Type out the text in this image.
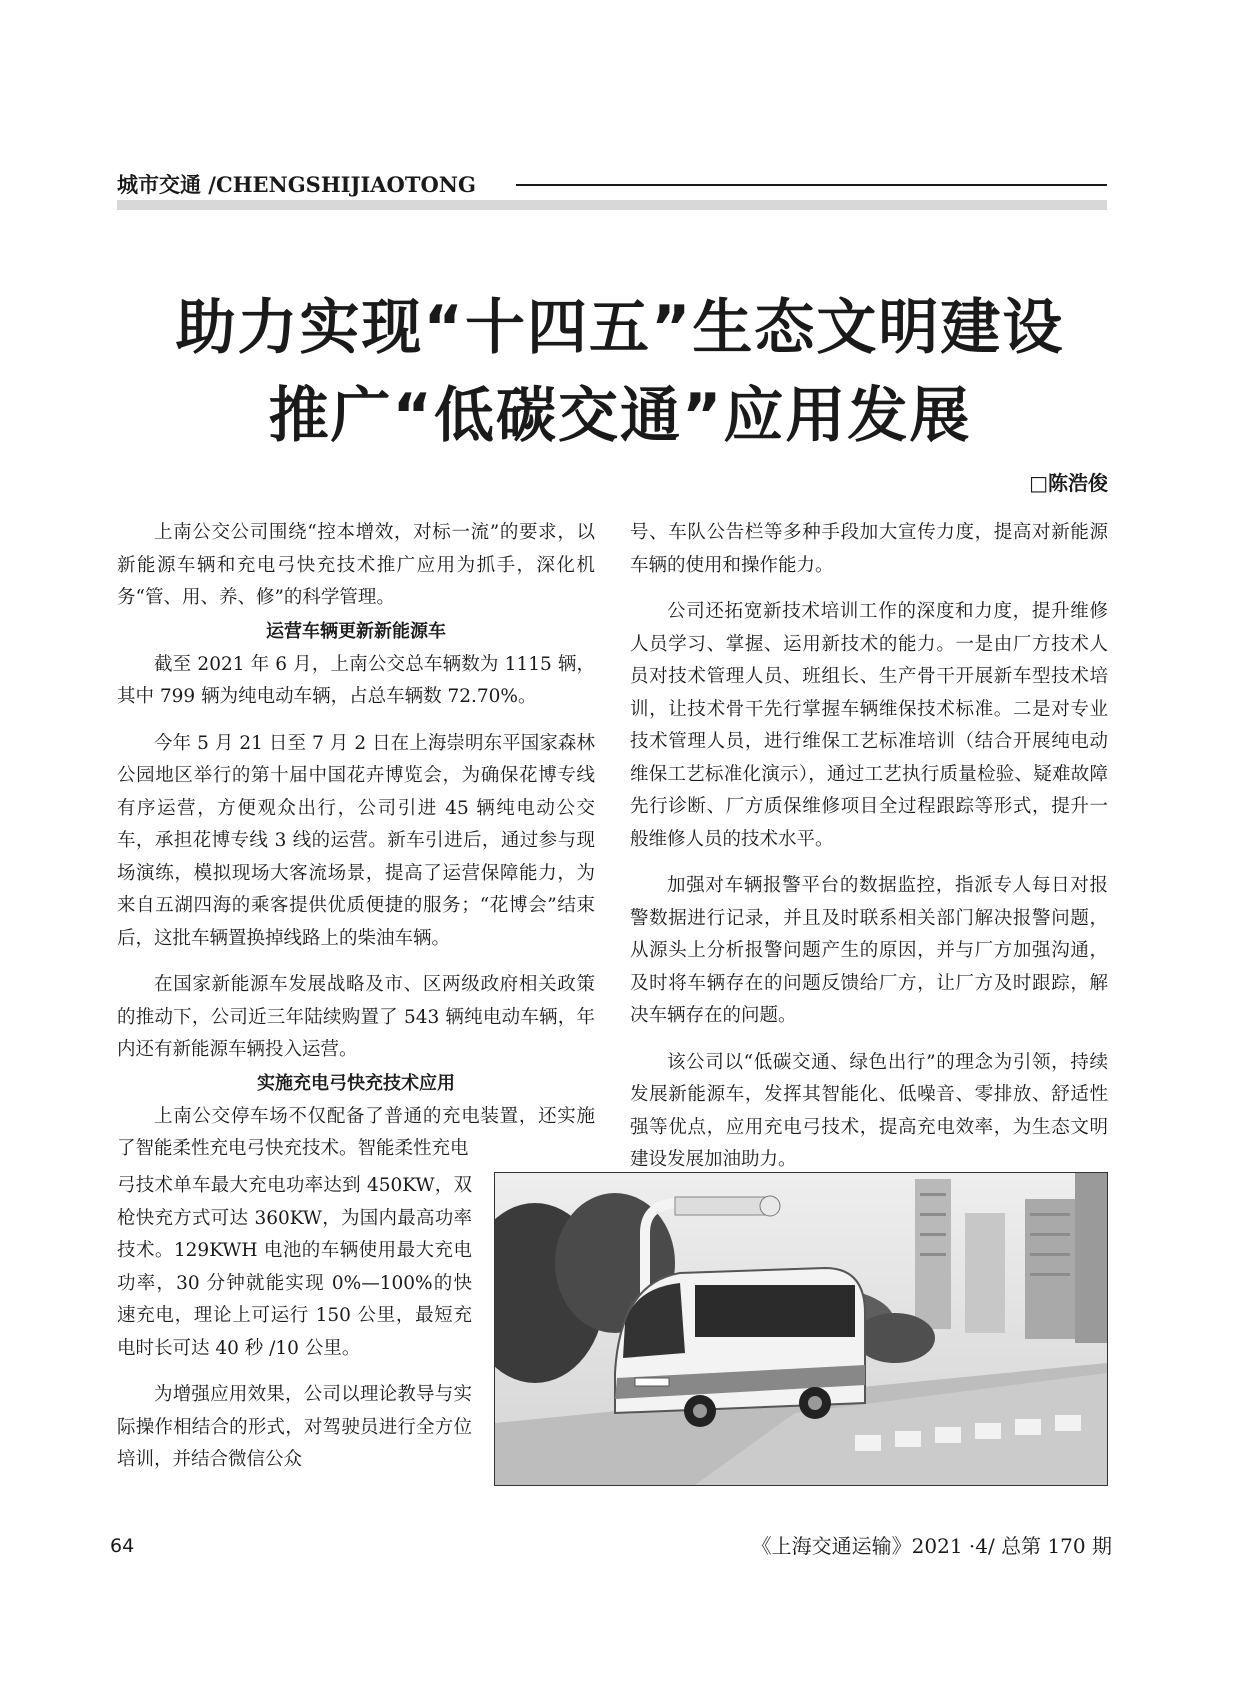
城市交通 /CHENGSHIJIAOTONG
助力实现“十四五”生态文明建设
推广“低碳交通”应用发展
□陈浩俊

上南公交公司围绕“控本增效，对标一流”的要求，以新能源车辆和充电弓快充技术推广应用为抓手，深化机务“管、用、养、修”的科学管理。

运营车辆更新新能源车

截至 2021 年 6 月，上南公交总车辆数为 1115 辆，其中 799 辆为纯电动车辆，占总车辆数 72.70%。

今年 5 月 21 日至 7 月 2 日在上海崇明东平国家森林公园地区举行的第十届中国花卉博览会，为确保花博专线有序运营，方便观众出行，公司引进 45 辆纯电动公交车，承担花博专线 3 线的运营。新车引进后，通过参与现场演练，模拟现场大客流场景，提高了运营保障能力，为来自五湖四海的乘客提供优质便捷的服务；“花博会”结束后，这批车辆置换掉线路上的柴油车辆。

在国家新能源车发展战略及市、区两级政府相关政策的推动下，公司近三年陆续购置了 543 辆纯电动车辆，年内还有新能源车辆投入运营。

实施充电弓快充技术应用

上南公交停车场不仅配备了普通的充电装置，还实施了智能柔性充电弓快充技术。智能柔性充电

弓技术单车最大充电功率达到 450KW，双枪快充方式可达 360KW，为国内最高功率技术。129KWH 电池的车辆使用最大充电功率，30 分钟就能实现 0%—100%的快速充电，理论上可运行 150 公里，最短充电时长可达 40 秒 /10 公里。

为增强应用效果，公司以理论教导与实际操作相结合的形式，对驾驶员进行全方位培训，并结合微信公众

号、车队公告栏等多种手段加大宣传力度，提高对新能源车辆的使用和操作能力。

公司还拓宽新技术培训工作的深度和力度，提升维修人员学习、掌握、运用新技术的能力。一是由厂方技术人员对技术管理人员、班组长、生产骨干开展新车型技术培训，让技术骨干先行掌握车辆维保技术标准。二是对专业技术管理人员，进行维保工艺标准培训（结合开展纯电动维保工艺标准化演示），通过工艺执行质量检验、疑难故障先行诊断、厂方质保维修项目全过程跟踪等形式，提升一般维修人员的技术水平。

加强对车辆报警平台的数据监控，指派专人每日对报警数据进行记录，并且及时联系相关部门解决报警问题，从源头上分析报警问题产生的原因，并与厂方加强沟通，及时将车辆存在的问题反馈给厂方，让厂方及时跟踪，解决车辆存在的问题。

该公司以“低碳交通、绿色出行”的理念为引领，持续发展新能源车，发挥其智能化、低噪音、零排放、舒适性强等优点，应用充电弓技术，提高充电效率，为生态文明建设发展加油助力。

64	《上海交通运输》2021 ·4/ 总第 170 期
